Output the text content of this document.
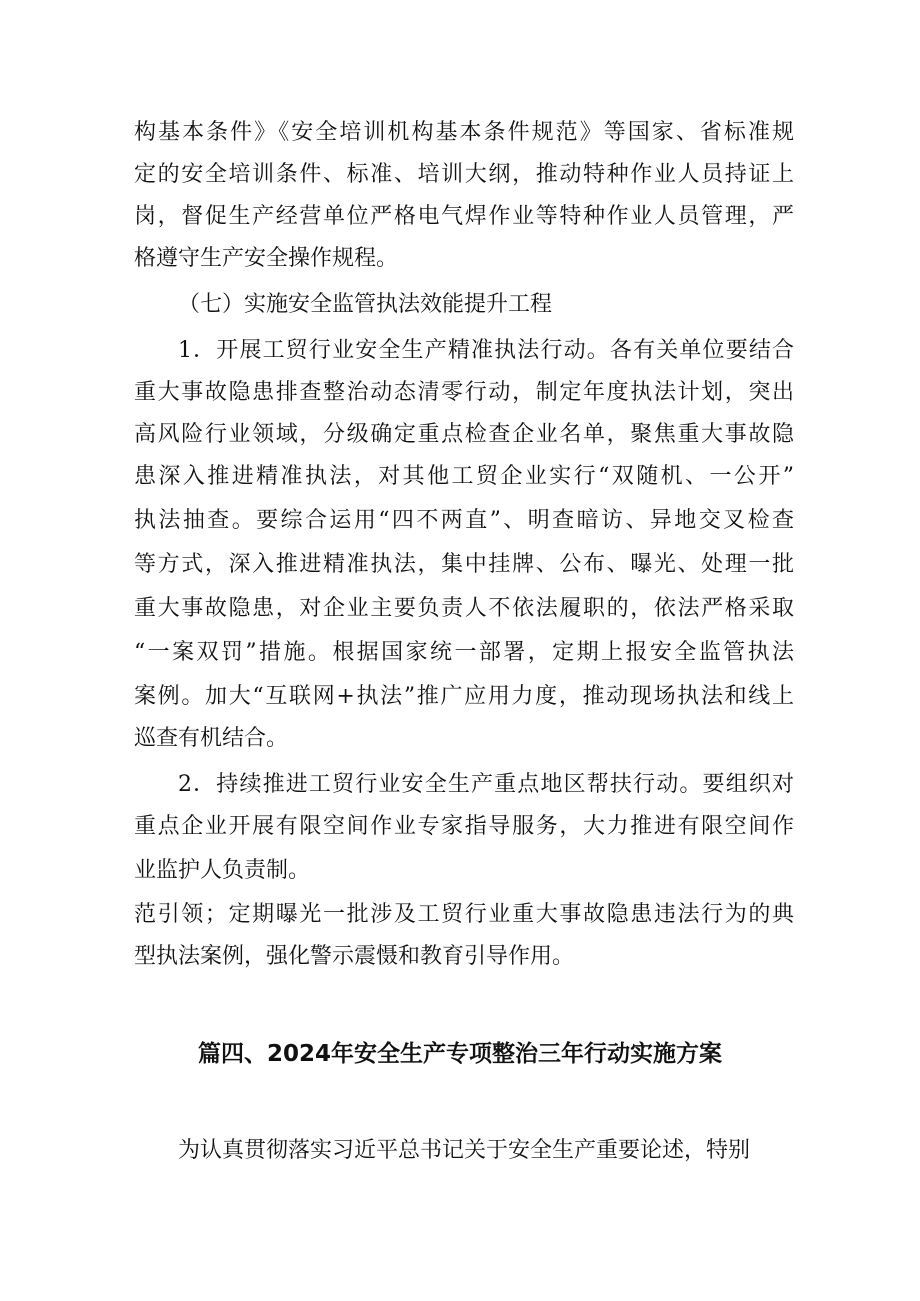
构基本条件》《安全培训机构基本条件规范》等国家、省标准规
定的安全培训条件、标准、培训大纲，推动特种作业人员持证上
岗，督促生产经营单位严格电气焊作业等特种作业人员管理，严
格遵守生产安全操作规程。
（七）实施安全监管执法效能提升工程
1．开展工贸行业安全生产精准执法行动。各有关单位要结合
重大事故隐患排查整治动态清零行动，制定年度执法计划，突出
高风险行业领域，分级确定重点检查企业名单，聚焦重大事故隐
患深入推进精准执法，对其他工贸企业实行“双随机、一公开”
执法抽查。要综合运用“四不两直”、明查暗访、异地交叉检查
等方式，深入推进精准执法，集中挂牌、公布、曝光、处理一批
重大事故隐患，对企业主要负责人不依法履职的，依法严格采取
“一案双罚”措施。根据国家统一部署，定期上报安全监管执法
案例。加大“互联网+执法”推广应用力度，推动现场执法和线上
巡查有机结合。
2．持续推进工贸行业安全生产重点地区帮扶行动。要组织对
重点企业开展有限空间作业专家指导服务，大力推进有限空间作
业监护人负责制。
范引领；定期曝光一批涉及工贸行业重大事故隐患违法行为的典
型执法案例，强化警示震慑和教育引导作用。
篇四、2024年安全生产专项整治三年行动实施方案
为认真贯彻落实习近平总书记关于安全生产重要论述，特别
